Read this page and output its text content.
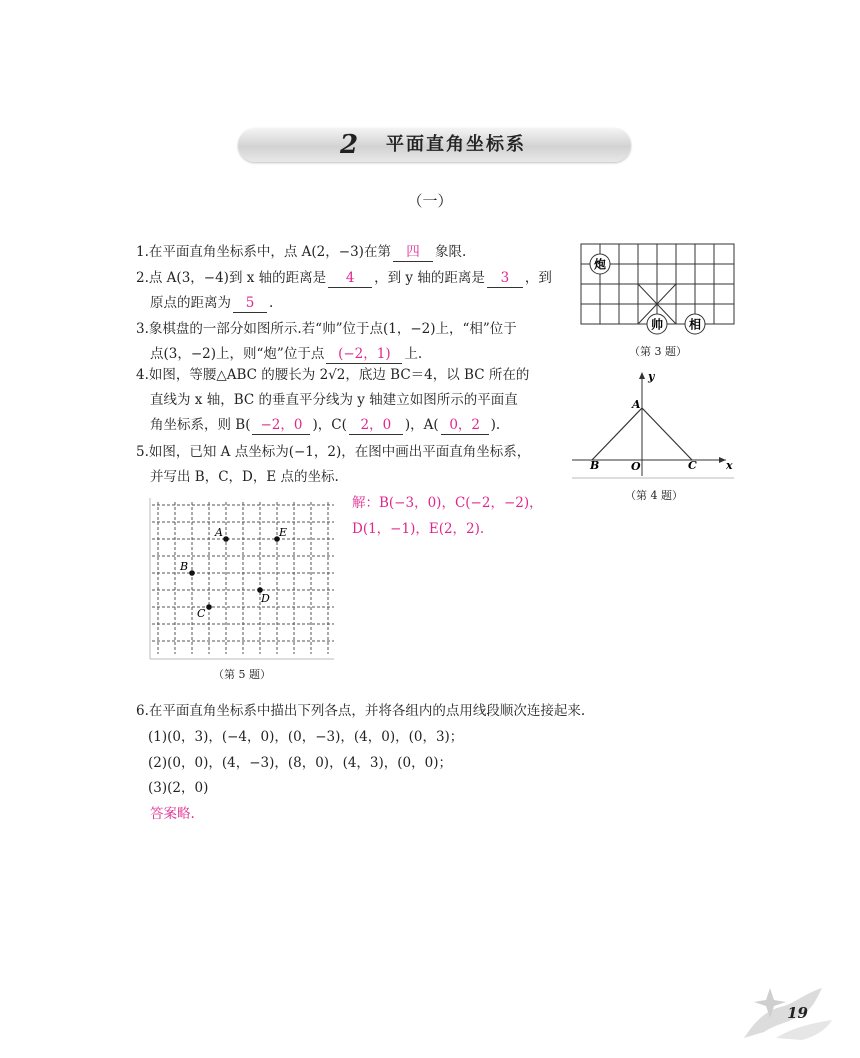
2 平面直角坐标系
（一）
1.在平面直角坐标系中，点 A(2，−3)在第 四 象限.
2.点 A(3，−4)到 x 轴的距离是 4 ，到 y 轴的距离是 3 ，到
原点的距离为 5 .
3.象棋盘的一部分如图所示.若“帅”位于点(1，−2)上，“相”位于
点(3，−2)上，则“炮”位于点 (−2，1) 上.
4.如图，等腰△ABC 的腰长为 2√2，底边 BC＝4，以 BC 所在的
直线为 x 轴，BC 的垂直平分线为 y 轴建立如图所示的平面直
角坐标系，则 B( −2，0 )，C( 2，0 )，A( 0，2 ).
5.如图，已知 A 点坐标为(−1，2)，在图中画出平面直角坐标系，
并写出 B，C，D，E 点的坐标.
解：B(−3，0)，C(−2，−2)，
D(1，−1)，E(2，2).
6.在平面直角坐标系中描出下列各点，并将各组内的点用线段顺次连接起来.
(1)(0，3)，(−4，0)，(0，−3)，(4，0)，(0，3)；
(2)(0，0)，(4，−3)，(8，0)，(4，3)，(0，0)；
(3)(2，0)
答案略.
炮
帅 相
（第 3 题）
y
x
A
B	O	C
（第 4 题）
A	E
B
C
D
（第 5 题）
19
